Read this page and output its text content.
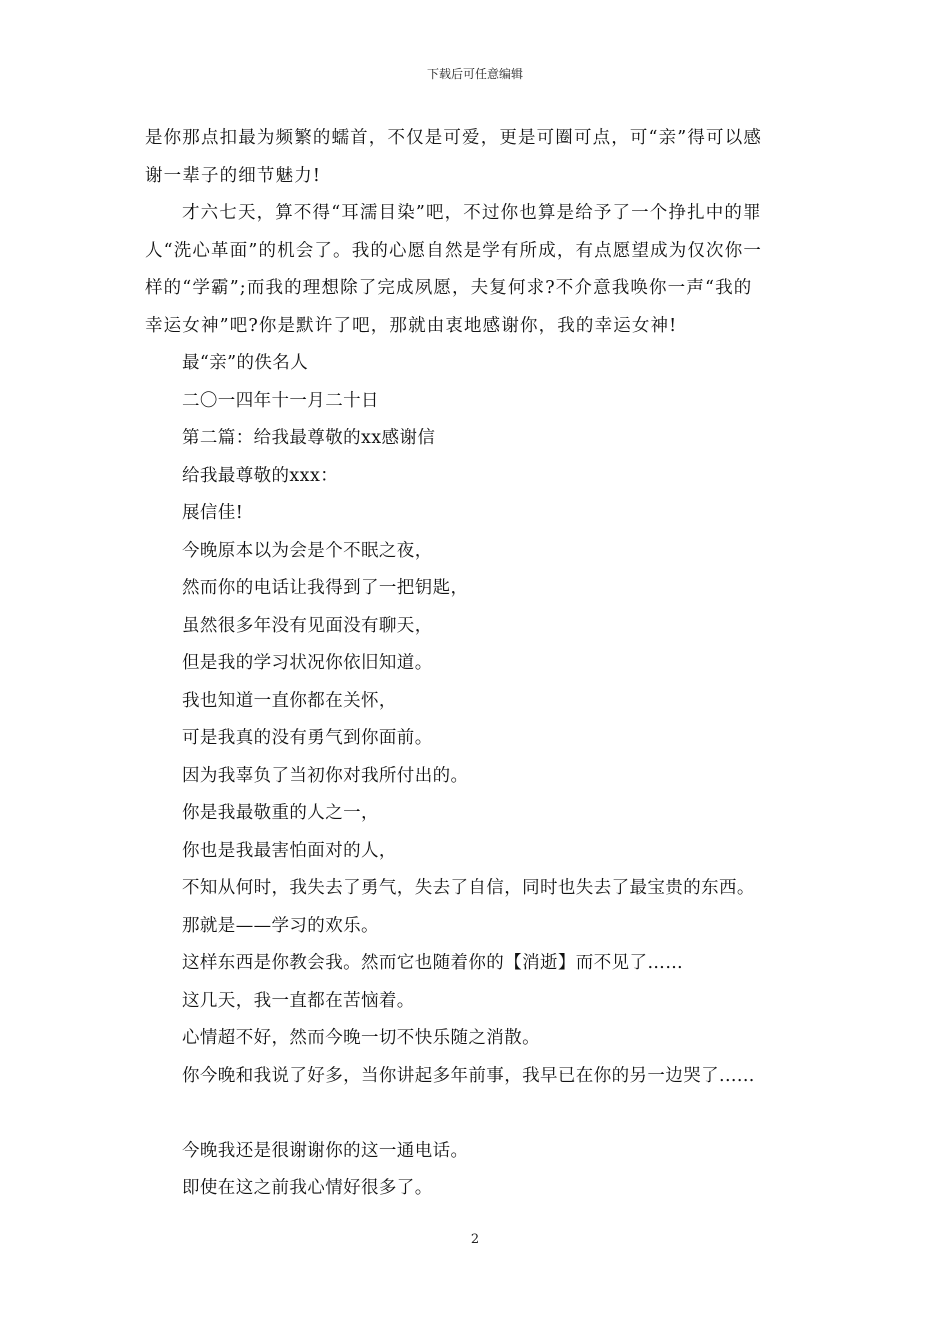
下载后可任意编辑
是你那点扣最为频繁的蠕首，不仅是可爱，更是可圈可点，可“亲”得可以感
谢一辈子的细节魅力!
才六七天，算不得“耳濡目染”吧，不过你也算是给予了一个挣扎中的罪
人“洗心革面”的机会了。我的心愿自然是学有所成，有点愿望成为仅次你一
样的“学霸”;而我的理想除了完成夙愿，夫复何求?不介意我唤你一声“我的
幸运女神”吧?你是默许了吧，那就由衷地感谢你，我的幸运女神!
最“亲”的佚名人
二〇一四年十一月二十日
第二篇：给我最尊敬的xx感谢信
给我最尊敬的xxx：
展信佳!
今晚原本以为会是个不眠之夜，
然而你的电话让我得到了一把钥匙，
虽然很多年没有见面没有聊天，
但是我的学习状况你依旧知道。
我也知道一直你都在关怀，
可是我真的没有勇气到你面前。
因为我辜负了当初你对我所付出的。
你是我最敬重的人之一，
你也是我最害怕面对的人，
不知从何时，我失去了勇气，失去了自信，同时也失去了最宝贵的东西。
那就是——学习的欢乐。
这样东西是你教会我。然而它也随着你的【消逝】而不见了……
这几天，我一直都在苦恼着。
心情超不好，然而今晚一切不快乐随之消散。
你今晚和我说了好多，当你讲起多年前事，我早已在你的另一边哭了......
今晚我还是很谢谢你的这一通电话。
即使在这之前我心情好很多了。
2
